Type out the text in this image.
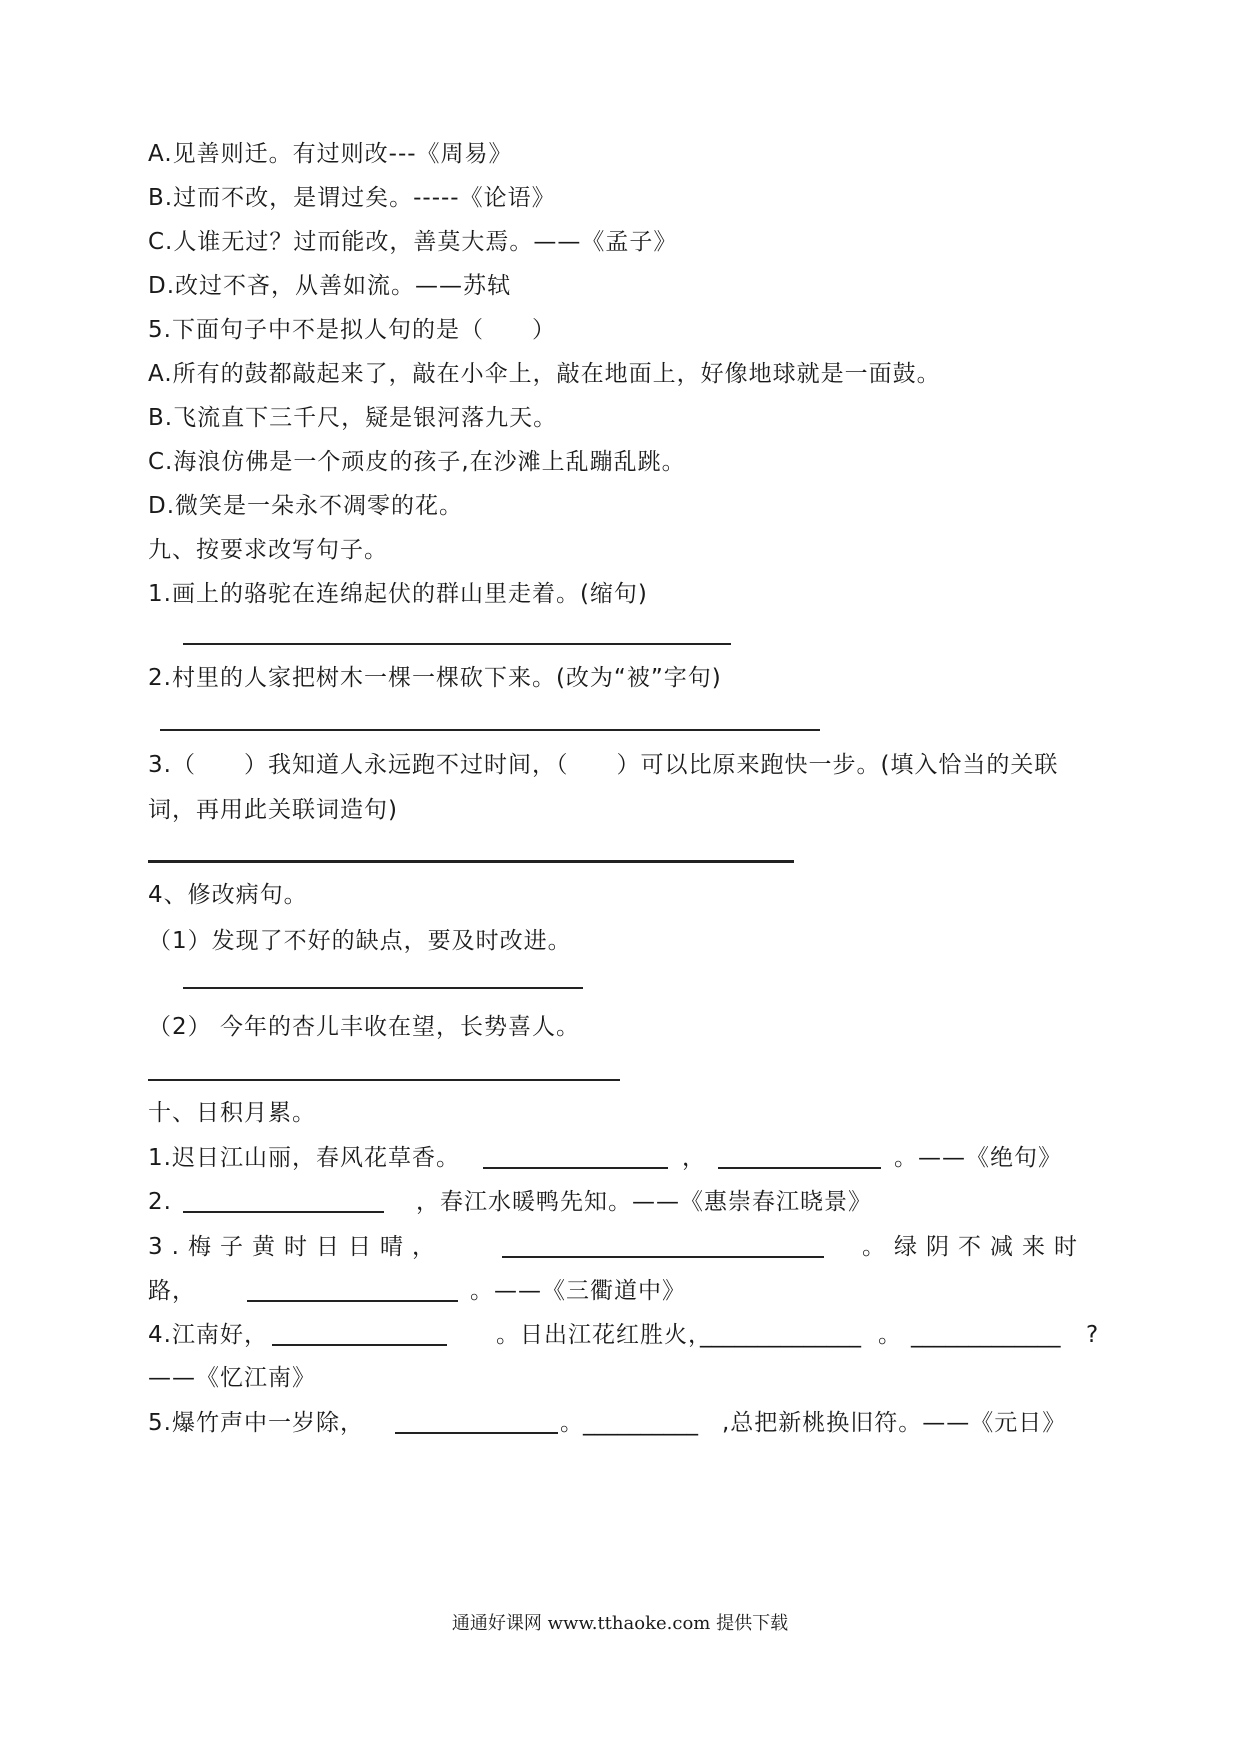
A.见善则迁。有过则改---《周易》
B.过而不改，是谓过矣。-----《论语》
C.人谁无过？过而能改，善莫大焉。——《孟子》
D.改过不吝，从善如流。——苏轼
5.下面句子中不是拟人句的是（　　）
A.所有的鼓都敲起来了，敲在小伞上，敲在地面上，好像地球就是一面鼓。
B.飞流直下三千尺，疑是银河落九天。
C.海浪仿佛是一个顽皮的孩子,在沙滩上乱蹦乱跳。
D.微笑是一朵永不凋零的花。
九、按要求改写句子。
1.画上的骆驼在连绵起伏的群山里走着。(缩句)
2.村里的人家把树木一棵一棵砍下来。(改为“被”字句)
3.（　　）我知道人永远跑不过时间，（　　）可以比原来跑快一步。(填入恰当的关联
词，再用此关联词造句)
4、修改病句。
（1）发现了不好的缺点，要及时改进。
（2） 今年的杏儿丰收在望，长势喜人。
十、日积月累。
1.迟日江山丽，春风花草香。	，	。——《绝句》
2.	，春江水暖鸭先知。——《惠崇春江晓景》
3.梅子黄时日日晴，	。绿阴不减来时
路，	。——《三衢道中》
4.江南好，	。日出江花红胜火，
______________ 。 _____________ ?
——《忆江南》
5.爆竹声中一岁除，	。 __________ ,总把新桃换旧符。——《元日》
通通好课网 www.tthaoke.com 提供下载
